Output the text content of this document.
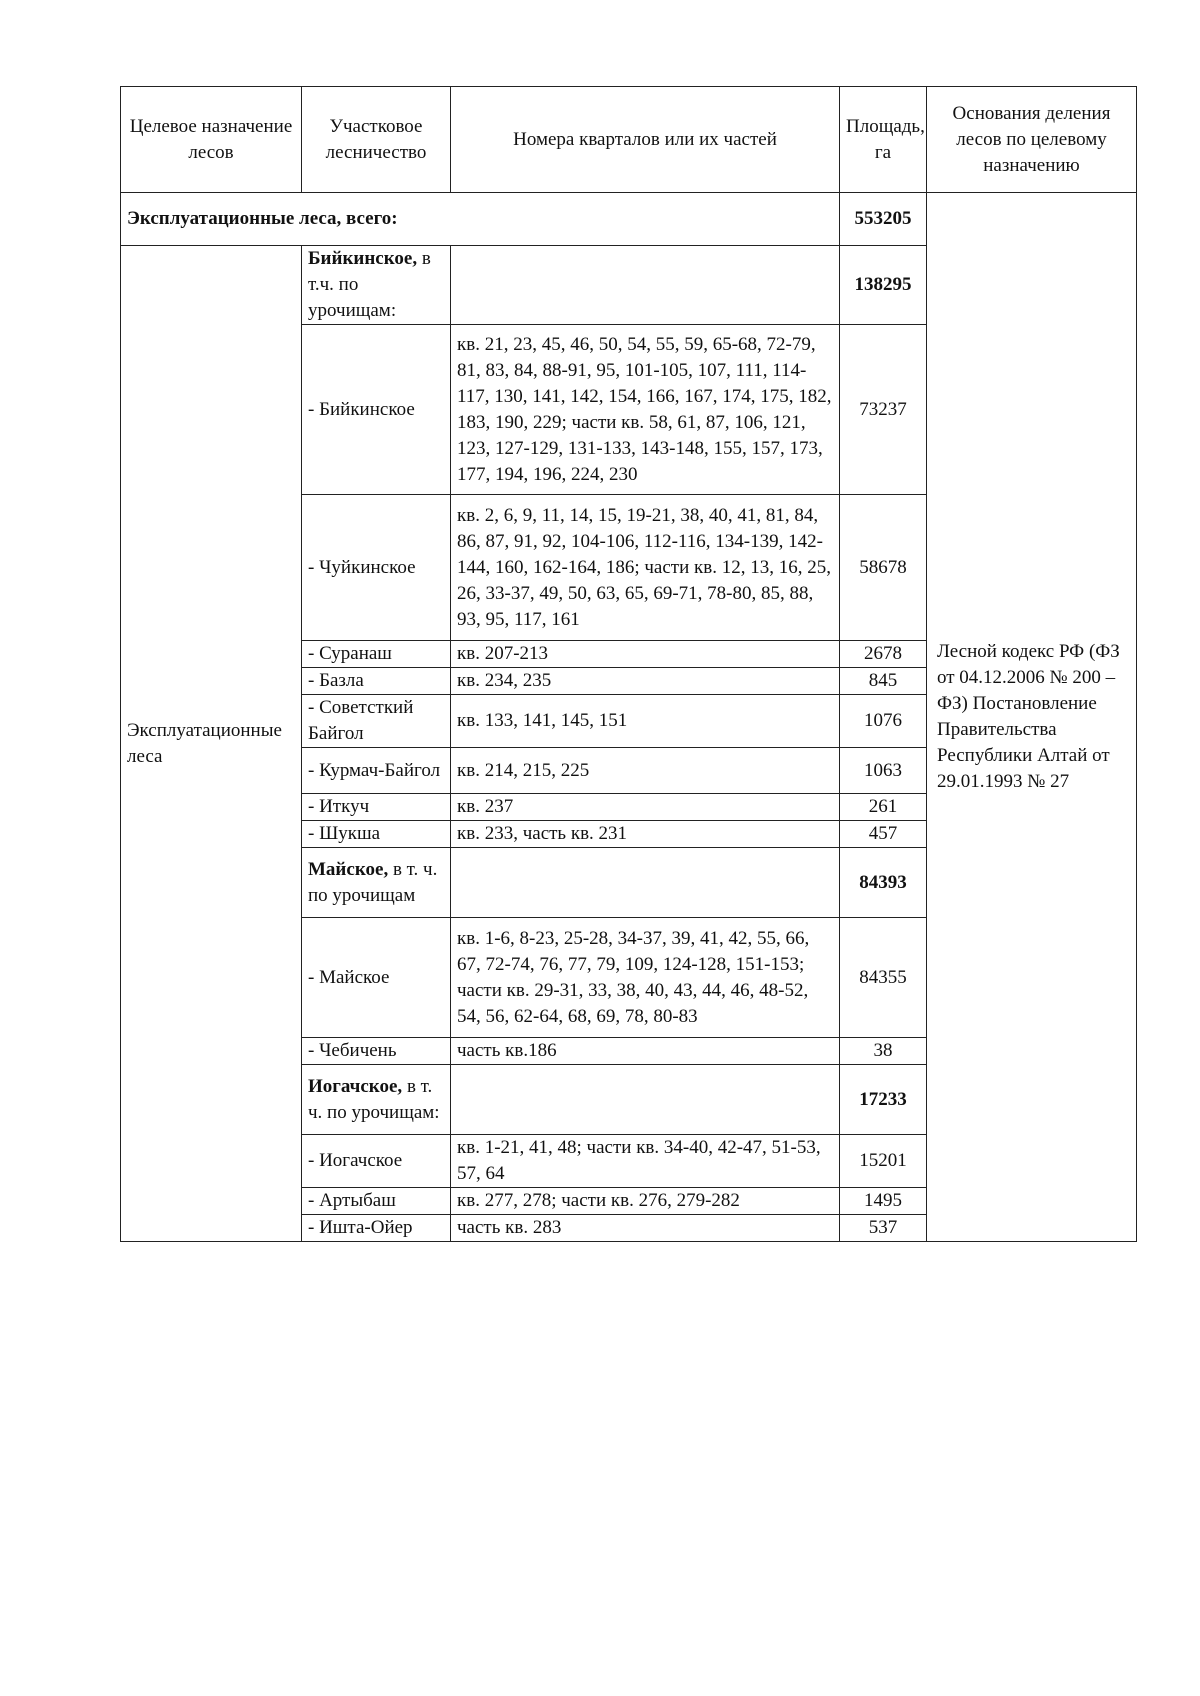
Целевое назначение лесов	Участковое лесничество	Номера кварталов или их частей	Площадь, га	Основания деления лесов по целевому назначению
Эксплуатационные леса, всего:			553205	Лесной кодекс РФ (ФЗ от 04.12.2006 № 200 – ФЗ) Постановление Правительства Республики Алтай от 29.01.1993 № 27
Эксплуатационные леса	Бийкинское, в т.ч. по урочищам:		138295	
	- Бийкинское	кв. 21, 23, 45, 46, 50, 54, 55, 59, 65-68, 72-79, 81, 83, 84, 88-91, 95, 101-105, 107, 111, 114-117, 130, 141, 142, 154, 166, 167, 174, 175, 182, 183, 190, 229; части кв. 58, 61, 87, 106, 121, 123, 127-129, 131-133, 143-148, 155, 157, 173, 177, 194, 196, 224, 230	73237	
	- Чуйкинское	кв. 2, 6, 9, 11, 14, 15, 19-21, 38, 40, 41, 81, 84, 86, 87, 91, 92, 104-106, 112-116, 134-139, 142-144, 160, 162-164, 186; части кв. 12, 13, 16, 25, 26, 33-37, 49, 50, 63, 65, 69-71, 78-80, 85, 88, 93, 95, 117, 161	58678	
	- Суранаш	кв. 207-213	2678	
	- Базла	кв. 234, 235	845	
	- Советсткий Байгол	кв. 133, 141, 145, 151	1076	
	- Курмач-Байгол	кв. 214, 215, 225	1063	
	- Иткуч	кв. 237	261	
	- Шукша	кв. 233, часть кв. 231	457	
	Майское, в т. ч. по урочищам		84393	
	- Майское	кв. 1-6, 8-23, 25-28, 34-37, 39, 41, 42, 55, 66, 67, 72-74, 76, 77, 79, 109, 124-128, 151-153; части кв. 29-31, 33, 38, 40, 43, 44, 46, 48-52, 54, 56, 62-64, 68, 69, 78, 80-83	84355	
	- Чебичень	часть кв.186	38	
	Иогачское, в т. ч. по урочищам:		17233	
	- Иогачское	кв. 1-21, 41, 48; части кв. 34-40, 42-47, 51-53, 57, 64	15201	
	- Артыбаш	кв. 277, 278; части кв. 276, 279-282	1495	
	- Ишта-Ойер	часть кв. 283	537	
